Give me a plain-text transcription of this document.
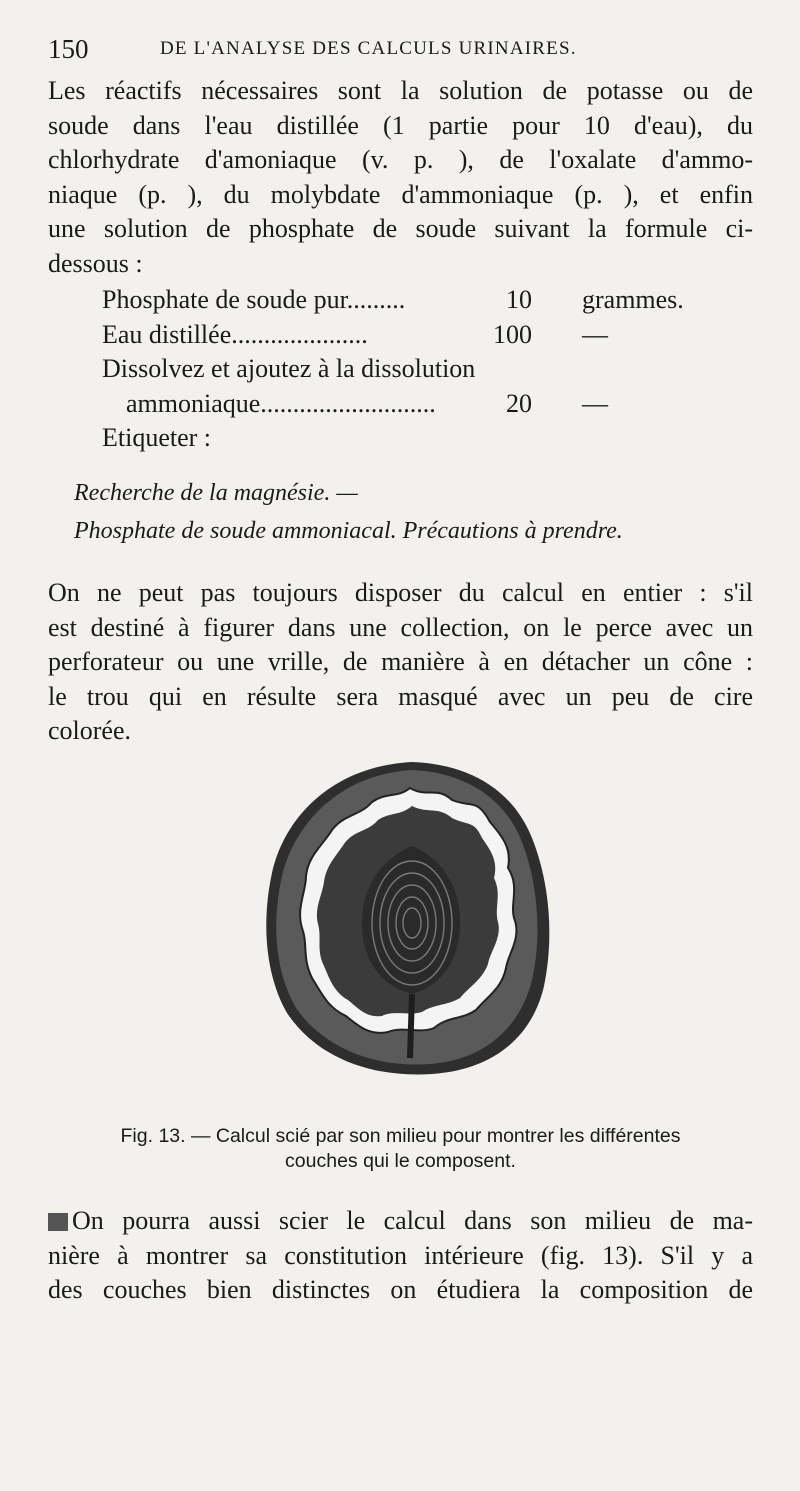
150	DE L'ANALYSE DES CALCULS URINAIRES.
Les réactifs nécessaires sont la solution de potasse ou de
soude dans l'eau distillée (1 partie pour 10 d'eau), du
chlorhydrate d'amoniaque (v. p. ), de l'oxalate d'ammo-
niaque (p. ), du molybdate d'ammoniaque (p. ), et enfin
une solution de phosphate de soude suivant la formule ci-
dessous :
Phosphate de soude pur.........	10 grammes.
Eau distillée.....................	100 —
Dissolvez et ajoutez à la dissolution
ammoniaque...........................	20 —
Etiqueter :
Recherche de la magnésie. —
Phosphate de soude ammoniacal. Précautions à prendre.
On ne peut pas toujours disposer du calcul en entier : s'il
est destiné à figurer dans une collection, on le perce avec un
perforateur ou une vrille, de manière à en détacher un cône :
le trou qui en résulte sera masqué avec un peu de cire
colorée.
Fig. 13. — Calcul scié par son milieu pour montrer les différentes
couches qui le composent.
On pourra aussi scier le calcul dans son milieu de ma-
nière à montrer sa constitution intérieure (fig. 13). S'il y a
des couches bien distinctes on étudiera la composition de
